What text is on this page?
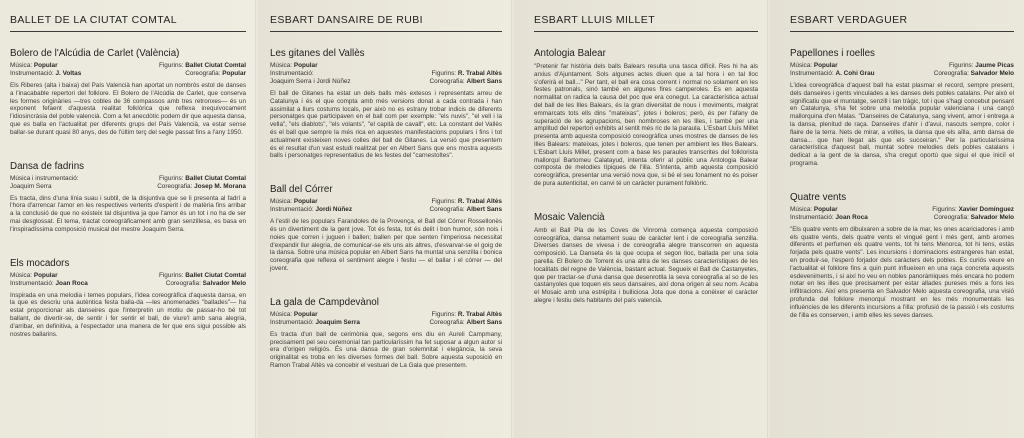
BALLET DE LA CIUTAT COMTAL
Bolero de l'Alcúdia de Carlet (València)
Música: Popular	Figurins: Ballet Ciutat Comtal
Instrumentació: J. Voltas	Coreografia: Popular

Els Riberes (alta i baixa) del País Valencià han aportat un nombrós estol de danses a l'inacabable repertori del folklore. El Bolero de l'Alcúdia de Carlet, que conserva les formes originàries —tres cobles de 36 compassos amb tres retronxes— és un exponent fefaent d'aquesta realitat folklòrica que reflexa inequívocament l'idiosincràsia del poble valencià. Com a fet anecdòtic podem dir que aquesta dansa, que es balla en l'actualitat per diferents grups del País Valencià, va estar sense ballar-se durant quasi 80 anys, des de l'últim terç del segle passat fins a l'any 1950.

Dansa de fadrins
Música i instrumentació:	Figurins: Ballet Ciutat Comtal
Joaquim Serra	Coreografia: Josep M. Morana

Es tracta, dins d'una línia suau i subtil, de la disjuntiva que se li presenta al fadrí a l'hora d'arrencar l'amor en les respectives vertents d'esperit i de matèria fins arribar a la conclusió de que no existeix tal disjuntiva ja que l'amor és un tot i no ha de ser mai desglossat. El tema, tractat coreogràficament amb gran senzillesa, es basa en l'inspiradíssima composició musical del mestre Joaquim Serra.

Els mocadors
Música: Popular	Figurins: Ballet Ciutat Comtal
Instrumentació: Joan Roca	Coreografia: Salvador Melo

Inspirada en una melodia i temes populars, l'idea coreogràfica d'aquesta dansa, en la que es descriu una autèntica festa balla-da —les anomenades "ballades"— ha estat proporcionar als danseires que l'interpretin un motiu de passar-ho bé tot ballant, de divertir-se, de sentir i fer sentir el ball, de viure'l amb sana alegria, d'arribar, en definitiva, a l'espectador una manera de fer que ens sigui possible als nostres ballarins.

ESBART DANSAIRE DE RUBI
Les gitanes del Vallès
Música: Popular
Instrumentació:	Figurins: R. Trabal Altès
Joaquim Serra i Jordi Núñez	Coreografia: Albert Sans

El ball de Gitanes ha estat un dels balls més extesos i representats arreu de Catalunya i és el que compta amb més versions donat a cada contrada i han assimilat a llurs costums locals, per això no es estrany trobar indicis de diferents personatges que participaven en el ball com per exemple: "els nuvis", "el vell i la vella", "els diablots", "els volants", "el capità de cavall", etc. La constant del Vallès és el ball que sempre la més rica en aquestes manifestacions populars i fins i tot actualment existeixen noves colles del ball de Gitanes. La versió que presentem és el resultat d'un vast estudi realitzat per en Albert Sans que ens mostra aquests balls i personatges representatius de les festes del "carnestoltes".

Ball del Córrer
Música: Popular	Figurins: R. Trabal Altès
Instrumentació: Jordi Núñez	Coreografia: Albert Sans

A l'estil de les populars Farandoles de la Provença, el Ball del Córrer Rossellonès és un divertiment de la gent jove. Tot és festa, tot és delit i bon humor, són nois i noies que corren i juguen i ballen; ballen per que senten l'imperiosa necessitat d'expandir llur alegria, de comunicar-se els uns als altres, d'esvarvar-se el goig de la dansa. Sobre una música popular en Albert Sans ha muntat una senzilla i bonica coreografia que reflexa el sentiment alegre i festiu — el ballar i el córrer — del jovent.

La gala de Campdevànol
Música: Popular	Figurins: R. Trabal Altès
Instrumentació: Joaquim Serra	Coreografia: Albert Sans

Es tracta d'un ball de cerimònia que, segons ens diu en Aureli Campmany, precisament pel seu ceremonial tan particularíssim ha fet suposar a algun autor si era d'origen religiós. És una dansa de gran solemnitat i elegància, la seva originalitat es troba en les diverses formes del ball. Sobre aquesta suposició en Ramon Trabal Altès va concebir el vestuari de La Gala que presentem.

ESBART LLUIS MILLET
Antologia Balear

"Pretenir far història dels balls Balears resulta una tasca difícil. Res hi ha als arxius d'Ajuntament. Sols algunes actes diuen que a tal hora i en tal lloc s'oferirà el ball..." Per tant, el ball era cosa corrent i normal no solament en les festes patronals, sinó també en algunes fires camperoles. Es en aquesta normalitat on radica la causa del poc que era conegut. La característica actual del ball de les Illes Balears, és la gran diversitat de nous i moviments, malgrat emmarcats tots ells dins "mateixas", jotes i boleros; però, és per l'afany de superació de les agrupacions, ben nombroses en les Illes, i també per una amplitud del repertori exhibits al sentit més ric de la paraula. L'Esbart Lluís Millet presenta amb aquesta composició coreogràfica unes mostres de danses de les Illes Balears: mateixas, jotes i boleros, que tenen per ambient les Illes Balears. L'Esbart Lluís Millet, present com a base les paraules transcrites del folklorista mallorquí Bartomeu Calatayud, intenta oferir al públic una Antologia Balear composta de melodies típiques de l'illa. S'intenta, amb aquesta composició coreogràfica, presentar una versió nova que, si bé el seu fonament no és poiser de pura autenticitat, en canvi té un caràcter purament folklòric.

Mosaic Valencià

Amb el Ball Pla de les Coves de Vinromà comença aquesta composició coreogràfica, dansa netament suau de caràcter lent i de coreografia senzilla. Diverses danses de vivesa i de coreografia alegre transcorren en aquesta composició. La Danseta és la que ocupa el segon lloc, ballada per una sola parella. El Bolero de Torrent és una altra de les danses característiques de les localitats del regne de València, bastant actual. Segueix el Ball de Castanyetes, que per tractar-se d'una dansa que desenrotlla la seva coreografia al so de les castanyoles que toquen els seus dansaires, així dona origen al seu nom. Acaba el Mosaic amb una estrépita i bulliciosa Jota que dona a conèixer el caràcter alegre i festiu dels habitants del país valencià.

ESBART VERDAGUER
Papellones i roelles
Música: Popular	Figurins: Jaume Picas
Instrumentació: A. Cohi Grau	Coreografia: Salvador Melo

L'idea coreogràfica d'aquest ball ha estat plasmar el record, sempre present, dels danseires i gents vinculades a les danses dels pobles catalans. Per això el significatiu que el muntatge, senzill i tan tràgic, tot i que s'hagi concebut pensant en Catalunya, s'ha fet sobre una melodia popular valenciana i una cançó mallorquina d'en Malas. "Danseires de Catalunya, sang vivent, amor i entrega a la dansa, plenitud de raça. Danseires d'ahir i d'avui, nascuts sempre, color i flaire de la terra. Nets de mirar, a voltes, la dansa que els aïlla, amb dansa de dansa... que han llegat als que els succeiran." Per la particularíssima característica d'aquest ball, muntat sobre melodies dels pobles catalans i dedicat a la gent de la dansa, s'ha cregut oportú que sigui el que iniciï el programa.

Quatre vents
Música: Popular	Figurins: Xavier Domínguez
Instrumentació: Joan Roca	Coreografia: Salvador Melo

"Els quatre vents em dibuixaren a sobre de la mar, les ones acariciadores i amb els quatre vents, dels quatre vents el vingué gent i més gent, amb aromes diferents et perfumen els quatre vents, tot hi tens Menorca, tot hi tens, estàs forjada pels quatre vents". Les incursions i dominacions estrangeres han estat, en produir-se, l'esperó forjador dels caràcters dels pobles. Es curiós veure en l'actualitat el folklore fins a quin punt influeixen en una raça concreta aquests esdeveniments, i si així ho veu en nobles panoràmiques més encara ho podem notar en les illes que precisament per estar allades pureses més a fons les infiltracions. Així ens presenta en Salvador Melo aquesta coreografia, una visió profunda del folklore menorquí mostrant en les més monumentals les influències de les diferents incursions a l'illa: profusió de la passió i els costums de l'illa es conserven, i amb elles les seves danses.
